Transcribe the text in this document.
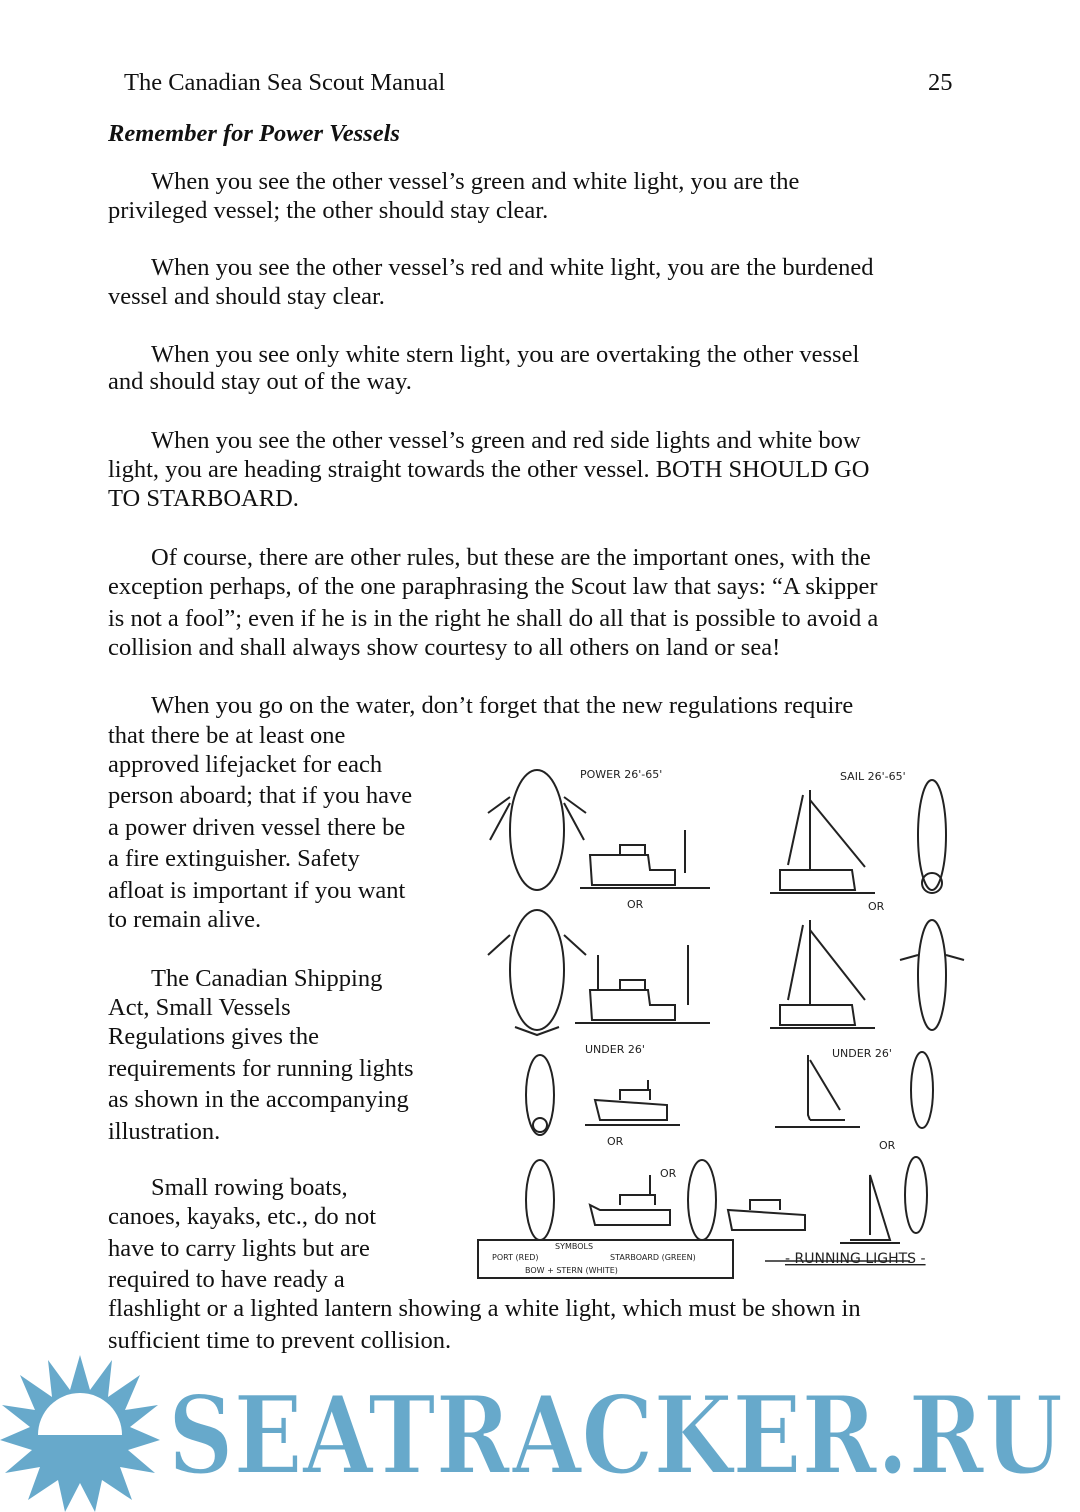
The Canadian Sea Scout Manual	25
Remember for Power Vessels
When you see the other vessel’s green and white light, you are the
privileged vessel; the other should stay clear.
When you see the other vessel’s red and white light, you are the burdened
vessel and should stay clear.
When you see only white stern light, you are overtaking the other vessel
and should stay out of the way.
When you see the other vessel’s green and red side lights and white bow
light, you are heading straight towards the other vessel. BOTH SHOULD GO
TO STARBOARD.
Of course, there are other rules, but these are the important ones, with the
exception perhaps, of the one paraphrasing the Scout law that says: “A skipper
is not a fool”; even if he is in the right he shall do all that is possible to avoid a
collision and shall always show courtesy to all others on land or sea!
When you go on the water, don’t forget that the new regulations require
that there be at least one
approved lifejacket for each
person aboard; that if you have
a power driven vessel there be
a fire extinguisher. Safety
afloat is important if you want
to remain alive.
The Canadian Shipping
Act, Small Vessels
Regulations gives the
requirements for running lights
as shown in the accompanying
illustration.
Small rowing boats,
canoes, kayaks, etc., do not
have to carry lights but are
required to have ready a
flashlight or a lighted lantern showing a white light, which must be shown in
sufficient time to prevent collision.
POWER 26'-65'	SAIL 26'-65'
OR	OR
UNDER 26'	UNDER 26'
OR	OR
OR
SYMBOLS
PORT (RED)	STARBOARD (GREEN)
BOW + STERN (WHITE)
- RUNNING LIGHTS -
SEATRACKER.RU
